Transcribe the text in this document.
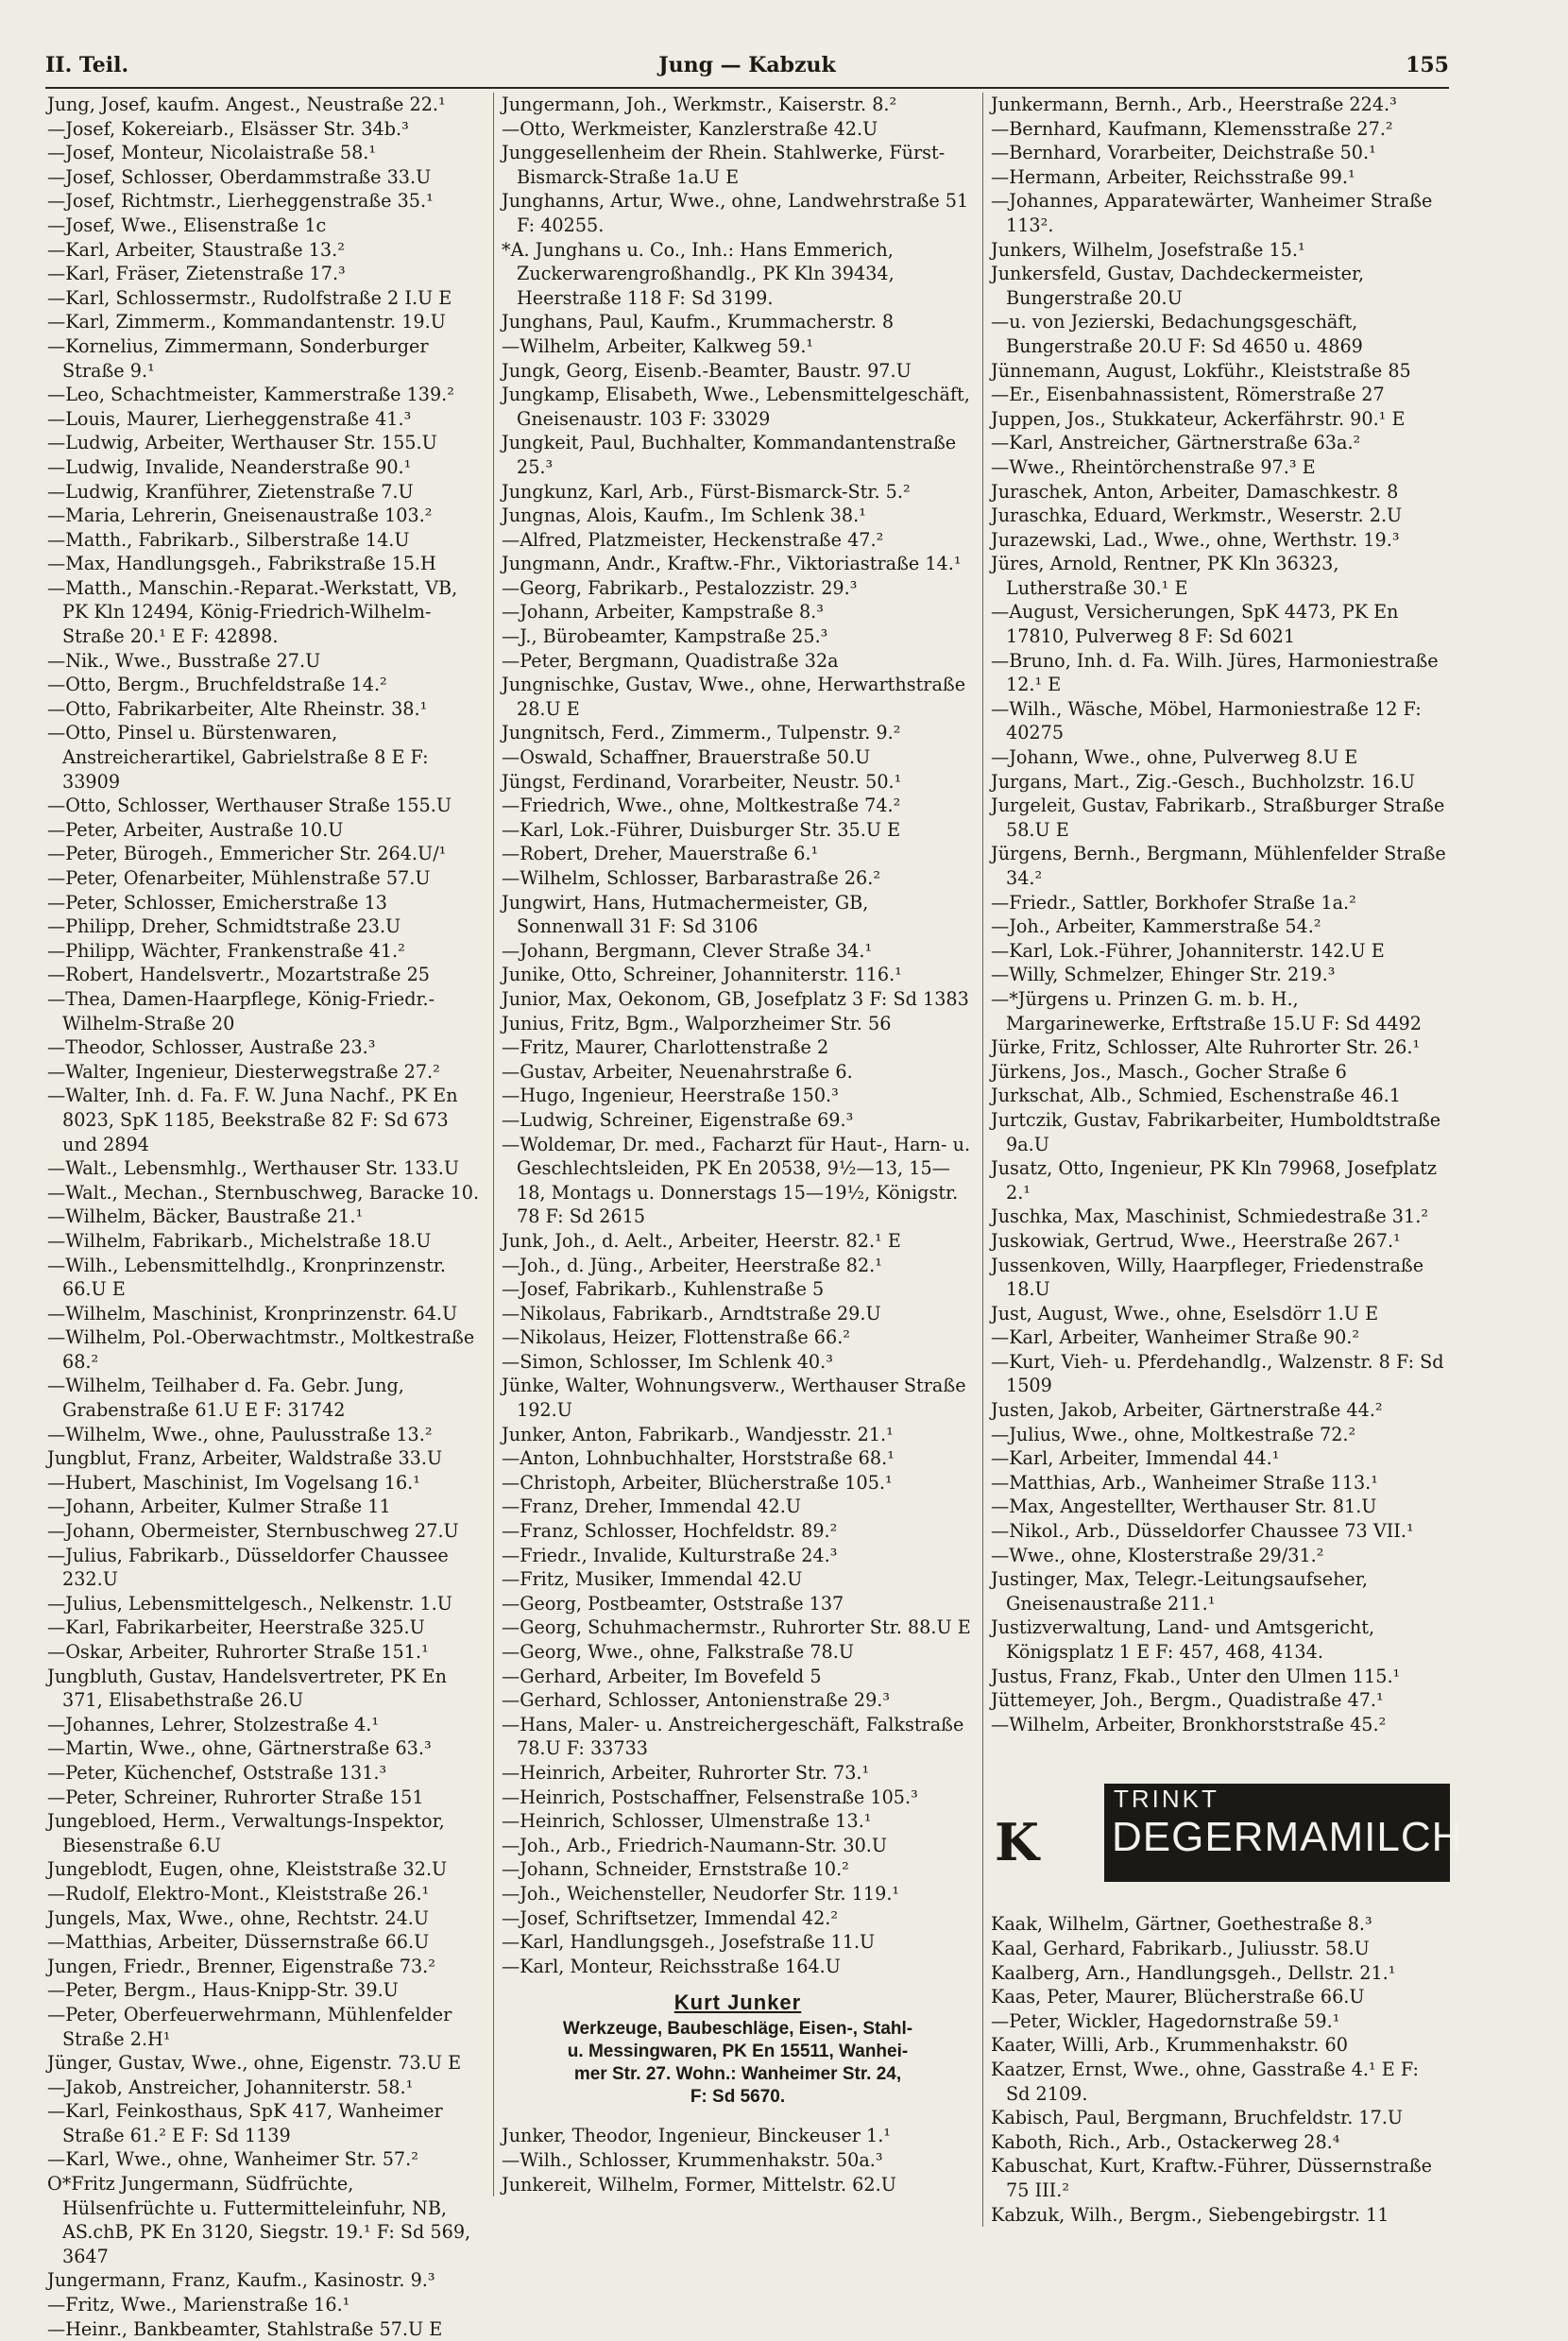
II. Teil.	Jung — Kabzuk	155

Jung, Josef, kaufm. Angest., Neustraße 22.¹

—Josef, Kokereiarb., Elsässer Str. 34b.³

—Josef, Monteur, Nicolaistraße 58.¹

—Josef, Schlosser, Oberdammstraße 33.U

—Josef, Richtmstr., Lierheggenstraße 35.¹

—Josef, Wwe., Elisenstraße 1c

—Karl, Arbeiter, Staustraße 13.²

—Karl, Fräser, Zietenstraße 17.³

—Karl, Schlossermstr., Rudolfstraße 2 I.U E

—Karl, Zimmerm., Kommandantenstr. 19.U

—Kornelius, Zimmermann, Sonderburger Straße 9.¹

—Leo, Schachtmeister, Kammerstraße 139.²

—Louis, Maurer, Lierheggenstraße 41.³

—Ludwig, Arbeiter, Werthauser Str. 155.U

—Ludwig, Invalide, Neanderstraße 90.¹

—Ludwig, Kranführer, Zietenstraße 7.U

—Maria, Lehrerin, Gneisenaustraße 103.²

—Matth., Fabrikarb., Silberstraße 14.U

—Max, Handlungsgeh., Fabrikstraße 15.H

—Matth., Manschin.-Reparat.-Werkstatt, VB, PK Kln 12494, König-Friedrich-Wilhelm-Straße 20.¹ E F: 42898.

—Nik., Wwe., Busstraße 27.U

—Otto, Bergm., Bruchfeldstraße 14.²

—Otto, Fabrikarbeiter, Alte Rheinstr. 38.¹

—Otto, Pinsel u. Bürstenwaren, Anstreicherartikel, Gabrielstraße 8 E F: 33909

—Otto, Schlosser, Werthauser Straße 155.U

—Peter, Arbeiter, Austraße 10.U

—Peter, Bürogeh., Emmericher Str. 264.U/¹

—Peter, Ofenarbeiter, Mühlenstraße 57.U

—Peter, Schlosser, Emicherstraße 13

—Philipp, Dreher, Schmidtstraße 23.U

—Philipp, Wächter, Frankenstraße 41.²

—Robert, Handelsvertr., Mozartstraße 25

—Thea, Damen-Haarpflege, König-Friedr.-Wilhelm-Straße 20

—Theodor, Schlosser, Austraße 23.³

—Walter, Ingenieur, Diesterwegstraße 27.²

—Walter, Inh. d. Fa. F. W. Juna Nachf., PK En 8023, SpK 1185, Beekstraße 82 F: Sd 673 und 2894

—Walt., Lebensmhlg., Werthauser Str. 133.U

—Walt., Mechan., Sternbuschweg, Baracke 10.

—Wilhelm, Bäcker, Baustraße 21.¹

—Wilhelm, Fabrikarb., Michelstraße 18.U

—Wilh., Lebensmittelhdlg., Kronprinzenstr. 66.U E

—Wilhelm, Maschinist, Kronprinzenstr. 64.U

—Wilhelm, Pol.-Oberwachtmstr., Moltkestraße 68.²

—Wilhelm, Teilhaber d. Fa. Gebr. Jung, Grabenstraße 61.U E F: 31742

—Wilhelm, Wwe., ohne, Paulusstraße 13.²

Jungblut, Franz, Arbeiter, Waldstraße 33.U

—Hubert, Maschinist, Im Vogelsang 16.¹

—Johann, Arbeiter, Kulmer Straße 11

—Johann, Obermeister, Sternbuschweg 27.U

—Julius, Fabrikarb., Düsseldorfer Chaussee 232.U

—Julius, Lebensmittelgesch., Nelkenstr. 1.U

—Karl, Fabrikarbeiter, Heerstraße 325.U

—Oskar, Arbeiter, Ruhrorter Straße 151.¹

Jungbluth, Gustav, Handelsvertreter, PK En 371, Elisabethstraße 26.U

—Johannes, Lehrer, Stolzestraße 4.¹

—Martin, Wwe., ohne, Gärtnerstraße 63.³

—Peter, Küchenchef, Oststraße 131.³

—Peter, Schreiner, Ruhrorter Straße 151

Jungebloed, Herm., Verwaltungs-Inspektor, Biesenstraße 6.U

Jungeblodt, Eugen, ohne, Kleiststraße 32.U

—Rudolf, Elektro-Mont., Kleiststraße 26.¹

Jungels, Max, Wwe., ohne, Rechtstr. 24.U

—Matthias, Arbeiter, Düssernstraße 66.U

Jungen, Friedr., Brenner, Eigenstraße 73.²

—Peter, Bergm., Haus-Knipp-Str. 39.U

—Peter, Oberfeuerwehrmann, Mühlenfelder Straße 2.H¹

Jünger, Gustav, Wwe., ohne, Eigenstr. 73.U E

—Jakob, Anstreicher, Johanniterstr. 58.¹

—Karl, Feinkosthaus, SpK 417, Wanheimer Straße 61.² E F: Sd 1139

—Karl, Wwe., ohne, Wanheimer Str. 57.²

O*Fritz Jungermann, Südfrüchte, Hülsenfrüchte u. Futtermitteleinfuhr, NB, AS.chB, PK En 3120, Siegstr. 19.¹ F: Sd 569, 3647

Jungermann, Franz, Kaufm., Kasinostr. 9.³

—Fritz, Wwe., Marienstraße 16.¹

—Heinr., Bankbeamter, Stahlstraße 57.U E

Jungermann, Joh., Werkmstr., Kaiserstr. 8.²

—Otto, Werkmeister, Kanzlerstraße 42.U

Junggesellenheim der Rhein. Stahlwerke, Fürst-Bismarck-Straße 1a.U E

Junghanns, Artur, Wwe., ohne, Landwehrstraße 51 F: 40255.

*A. Junghans u. Co., Inh.: Hans Emmerich, Zuckerwarengroßhandlg., PK Kln 39434, Heerstraße 118 F: Sd 3199.

Junghans, Paul, Kaufm., Krummacherstr. 8

—Wilhelm, Arbeiter, Kalkweg 59.¹

Jungk, Georg, Eisenb.-Beamter, Baustr. 97.U

Jungkamp, Elisabeth, Wwe., Lebensmittelgeschäft, Gneisenaustr. 103 F: 33029

Jungkeit, Paul, Buchhalter, Kommandantenstraße 25.³

Jungkunz, Karl, Arb., Fürst-Bismarck-Str. 5.²

Jungnas, Alois, Kaufm., Im Schlenk 38.¹

—Alfred, Platzmeister, Heckenstraße 47.²

Jungmann, Andr., Kraftw.-Fhr., Viktoriastraße 14.¹

—Georg, Fabrikarb., Pestalozzistr. 29.³

—Johann, Arbeiter, Kampstraße 8.³

—J., Bürobeamter, Kampstraße 25.³

—Peter, Bergmann, Quadistraße 32a

Jungnischke, Gustav, Wwe., ohne, Herwarthstraße 28.U E

Jungnitsch, Ferd., Zimmerm., Tulpenstr. 9.²

—Oswald, Schaffner, Brauerstraße 50.U

Jüngst, Ferdinand, Vorarbeiter, Neustr. 50.¹

—Friedrich, Wwe., ohne, Moltkestraße 74.²

—Karl, Lok.-Führer, Duisburger Str. 35.U E

—Robert, Dreher, Mauerstraße 6.¹

—Wilhelm, Schlosser, Barbarastraße 26.²

Jungwirt, Hans, Hutmachermeister, GB, Sonnenwall 31 F: Sd 3106

—Johann, Bergmann, Clever Straße 34.¹

Junike, Otto, Schreiner, Johanniterstr. 116.¹

Junior, Max, Oekonom, GB, Josefplatz 3 F: Sd 1383

Junius, Fritz, Bgm., Walporzheimer Str. 56

—Fritz, Maurer, Charlottenstraße 2

—Gustav, Arbeiter, Neuenahrstraße 6.

—Hugo, Ingenieur, Heerstraße 150.³

—Ludwig, Schreiner, Eigenstraße 69.³

—Woldemar, Dr. med., Facharzt für Haut-, Harn- u. Geschlechtsleiden, PK En 20538, 9½—13, 15—18, Montags u. Donnerstags 15—19½, Königstr. 78 F: Sd 2615

Junk, Joh., d. Aelt., Arbeiter, Heerstr. 82.¹ E

—Joh., d. Jüng., Arbeiter, Heerstraße 82.¹

—Josef, Fabrikarb., Kuhlenstraße 5

—Nikolaus, Fabrikarb., Arndtstraße 29.U

—Nikolaus, Heizer, Flottenstraße 66.²

—Simon, Schlosser, Im Schlenk 40.³

Jünke, Walter, Wohnungsverw., Werthauser Straße 192.U

Junker, Anton, Fabrikarb., Wandjesstr. 21.¹

—Anton, Lohnbuchhalter, Horststraße 68.¹

—Christoph, Arbeiter, Blücherstraße 105.¹

—Franz, Dreher, Immendal 42.U

—Franz, Schlosser, Hochfeldstr. 89.²

—Friedr., Invalide, Kulturstraße 24.³

—Fritz, Musiker, Immendal 42.U

—Georg, Postbeamter, Oststraße 137

—Georg, Schuhmachermstr., Ruhrorter Str. 88.U E

—Georg, Wwe., ohne, Falkstraße 78.U

—Gerhard, Arbeiter, Im Bovefeld 5

—Gerhard, Schlosser, Antonienstraße 29.³

—Hans, Maler- u. Anstreichergeschäft, Falkstraße 78.U F: 33733

—Heinrich, Arbeiter, Ruhrorter Str. 73.¹

—Heinrich, Postschaffner, Felsenstraße 105.³

—Heinrich, Schlosser, Ulmenstraße 13.¹

—Joh., Arb., Friedrich-Naumann-Str. 30.U

—Johann, Schneider, Ernststraße 10.²

—Joh., Weichensteller, Neudorfer Str. 119.¹

—Josef, Schriftsetzer, Immendal 42.²

—Karl, Handlungsgeh., Josefstraße 11.U

—Karl, Monteur, Reichsstraße 164.U

Kurt Junker
Werkzeuge, Baubeschläge, Eisen-, Stahl-
u. Messingwaren, PK En 15511, Wanhei-
mer Str. 27. Wohn.: Wanheimer Str. 24,
F: Sd 5670.

Junker, Theodor, Ingenieur, Binckeuser 1.¹

—Wilh., Schlosser, Krummenhakstr. 50a.³

Junkereit, Wilhelm, Former, Mittelstr. 62.U

Junkermann, Bernh., Arb., Heerstraße 224.³

—Bernhard, Kaufmann, Klemensstraße 27.²

—Bernhard, Vorarbeiter, Deichstraße 50.¹

—Hermann, Arbeiter, Reichsstraße 99.¹

—Johannes, Apparatewärter, Wanheimer Straße 113².

Junkers, Wilhelm, Josefstraße 15.¹

Junkersfeld, Gustav, Dachdeckermeister, Bungerstraße 20.U

—u. von Jezierski, Bedachungsgeschäft, Bungerstraße 20.U F: Sd 4650 u. 4869

Jünnemann, August, Lokführ., Kleiststraße 85

—Er., Eisenbahnassistent, Römerstraße 27

Juppen, Jos., Stukkateur, Ackerfährstr. 90.¹ E

—Karl, Anstreicher, Gärtnerstraße 63a.²

—Wwe., Rheintörchenstraße 97.³ E

Juraschek, Anton, Arbeiter, Damaschkestr. 8

Juraschka, Eduard, Werkmstr., Weserstr. 2.U

Jurazewski, Lad., Wwe., ohne, Werthstr. 19.³

Jüres, Arnold, Rentner, PK Kln 36323, Lutherstraße 30.¹ E

—August, Versicherungen, SpK 4473, PK En 17810, Pulverweg 8 F: Sd 6021

—Bruno, Inh. d. Fa. Wilh. Jüres, Harmoniestraße 12.¹ E

—Wilh., Wäsche, Möbel, Harmoniestraße 12 F: 40275

—Johann, Wwe., ohne, Pulverweg 8.U E

Jurgans, Mart., Zig.-Gesch., Buchholzstr. 16.U

Jurgeleit, Gustav, Fabrikarb., Straßburger Straße 58.U E

Jürgens, Bernh., Bergmann, Mühlenfelder Straße 34.²

—Friedr., Sattler, Borkhofer Straße 1a.²

—Joh., Arbeiter, Kammerstraße 54.²

—Karl, Lok.-Führer, Johanniterstr. 142.U E

—Willy, Schmelzer, Ehinger Str. 219.³

—*Jürgens u. Prinzen G. m. b. H., Margarinewerke, Erftstraße 15.U F: Sd 4492

Jürke, Fritz, Schlosser, Alte Ruhrorter Str. 26.¹

Jürkens, Jos., Masch., Gocher Straße 6

Jurkschat, Alb., Schmied, Eschenstraße 46.1

Jurtczik, Gustav, Fabrikarbeiter, Humboldtstraße 9a.U

Jusatz, Otto, Ingenieur, PK Kln 79968, Josefplatz 2.¹

Juschka, Max, Maschinist, Schmiedestraße 31.²

Juskowiak, Gertrud, Wwe., Heerstraße 267.¹

Jussenkoven, Willy, Haarpfleger, Friedenstraße 18.U

Just, August, Wwe., ohne, Eselsdörr 1.U E

—Karl, Arbeiter, Wanheimer Straße 90.²

—Kurt, Vieh- u. Pferdehandlg., Walzenstr. 8 F: Sd 1509

Justen, Jakob, Arbeiter, Gärtnerstraße 44.²

—Julius, Wwe., ohne, Moltkestraße 72.²

—Karl, Arbeiter, Immendal 44.¹

—Matthias, Arb., Wanheimer Straße 113.¹

—Max, Angestellter, Werthauser Str. 81.U

—Nikol., Arb., Düsseldorfer Chaussee 73 VII.¹

—Wwe., ohne, Klosterstraße 29/31.²

Justinger, Max, Telegr.-Leitungsaufseher, Gneisenaustraße 211.¹

Justizverwaltung, Land- und Amtsgericht, Königsplatz 1 E F: 457, 468, 4134.

Justus, Franz, Fkab., Unter den Ulmen 115.¹

Jüttemeyer, Joh., Bergm., Quadistraße 47.¹

—Wilhelm, Arbeiter, Bronkhorststraße 45.²

K
TRINKT
DEGERMAMILCH

Kaak, Wilhelm, Gärtner, Goethestraße 8.³

Kaal, Gerhard, Fabrikarb., Juliusstr. 58.U

Kaalberg, Arn., Handlungsgeh., Dellstr. 21.¹

Kaas, Peter, Maurer, Blücherstraße 66.U

—Peter, Wickler, Hagedornstraße 59.¹

Kaater, Willi, Arb., Krummenhakstr. 60

Kaatzer, Ernst, Wwe., ohne, Gasstraße 4.¹ E F: Sd 2109.

Kabisch, Paul, Bergmann, Bruchfeldstr. 17.U

Kaboth, Rich., Arb., Ostackerweg 28.⁴

Kabuschat, Kurt, Kraftw.-Führer, Düssernstraße 75 III.²

Kabzuk, Wilh., Bergm., Siebengebirgstr. 11
